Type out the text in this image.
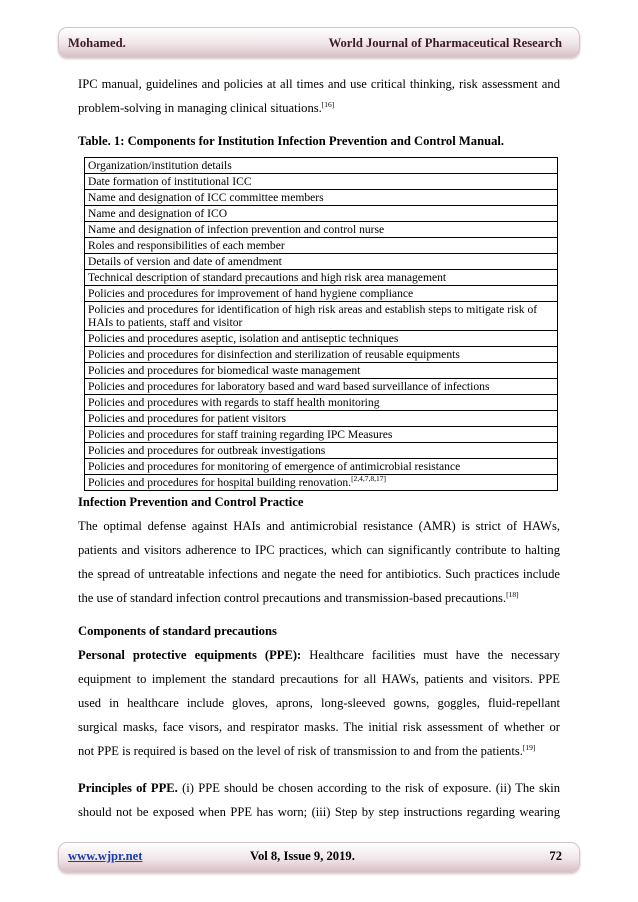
Mohamed.	World Journal of Pharmaceutical Research
IPC manual, guidelines and policies at all times and use critical thinking, risk assessment and
problem-solving in managing clinical situations.[16]
Table. 1: Components for Institution Infection Prevention and Control Manual.
Organization/institution details
Date formation of institutional ICC
Name and designation of ICC committee members
Name and designation of ICO
Name and designation of infection prevention and control nurse
Roles and responsibilities of each member
Details of version and date of amendment
Technical description of standard precautions and high risk area management
Policies and procedures for improvement of hand hygiene compliance
Policies and procedures for identification of high risk areas and establish steps to mitigate risk of HAIs to patients, staff and visitor
Policies and procedures aseptic, isolation and antiseptic techniques
Policies and procedures for disinfection and sterilization of reusable equipments
Policies and procedures for biomedical waste management
Policies and procedures for laboratory based and ward based surveillance of infections
Policies and procedures with regards to staff health monitoring
Policies and procedures for patient visitors
Policies and procedures for staff training regarding IPC Measures
Policies and procedures for outbreak investigations
Policies and procedures for monitoring of emergence of antimicrobial resistance
Policies and procedures for hospital building renovation.[2,4,7,8,17]
Infection Prevention and Control Practice
The optimal defense against HAIs and antimicrobial resistance (AMR) is strict of HAWs,
patients and visitors adherence to IPC practices, which can significantly contribute to halting
the spread of untreatable infections and negate the need for antibiotics. Such practices include
the use of standard infection control precautions and transmission-based precautions.[18]
Components of standard precautions
Personal protective equipments (PPE): Healthcare facilities must have the necessary
equipment to implement the standard precautions for all HAWs, patients and visitors. PPE
used in healthcare include gloves, aprons, long-sleeved gowns, goggles, fluid-repellant
surgical masks, face visors, and respirator masks. The initial risk assessment of whether or
not PPE is required is based on the level of risk of transmission to and from the patients.[19]
Principles of PPE. (i) PPE should be chosen according to the risk of exposure. (ii) The skin
should not be exposed when PPE has worn; (iii) Step by step instructions regarding wearing
www.wjpr.net	Vol 8, Issue 9, 2019.	72
